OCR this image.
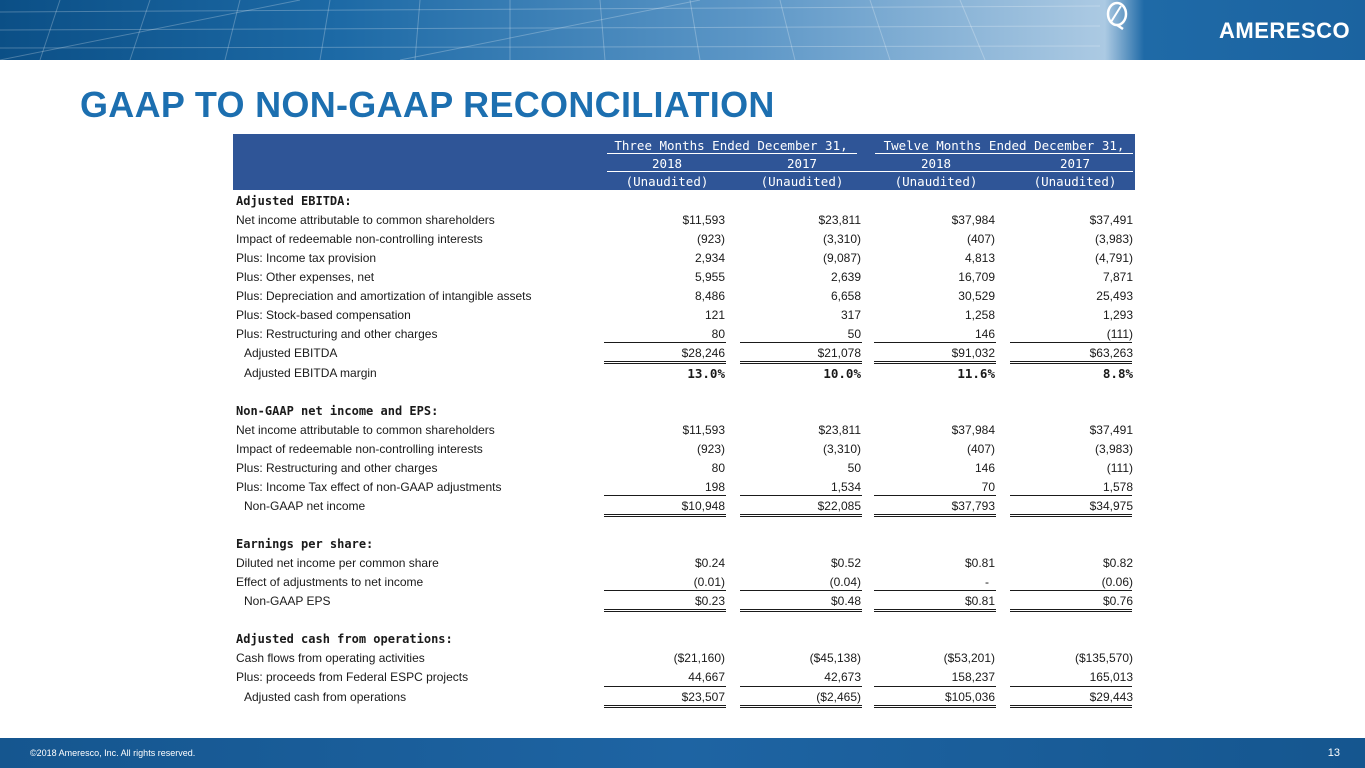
AMERESCO
GAAP TO NON-GAAP RECONCILIATION
Three Months Ended December 31,	Twelve Months Ended December 31,
2018	2017	2018	2017
(Unaudited)	(Unaudited)	(Unaudited)	(Unaudited)
Adjusted EBITDA:
Net income attributable to common shareholders	$11,593	$23,811	$37,984	$37,491
Impact of redeemable non-controlling interests	(923)	(3,310)	(407)	(3,983)
Plus: Income tax provision	2,934	(9,087)	4,813	(4,791)
Plus: Other expenses, net	5,955	2,639	16,709	7,871
Plus: Depreciation and amortization of intangible assets	8,486	6,658	30,529	25,493
Plus: Stock-based compensation	121	317	1,258	1,293
Plus: Restructuring and other charges	80	50	146	(111)
Adjusted EBITDA	$28,246	$21,078	$91,032	$63,263
Adjusted EBITDA margin	13.0%	10.0%	11.6%	8.8%
Non-GAAP net income and EPS:
Net income attributable to common shareholders	$11,593	$23,811	$37,984	$37,491
Impact of redeemable non-controlling interests	(923)	(3,310)	(407)	(3,983)
Plus: Restructuring and other charges	80	50	146	(111)
Plus: Income Tax effect of non-GAAP adjustments	198	1,534	70	1,578
Non-GAAP net income	$10,948	$22,085	$37,793	$34,975
Earnings per share:
Diluted net income per common share	$0.24	$0.52	$0.81	$0.82
Effect of adjustments to net income	(0.01)	(0.04)	-	(0.06)
Non-GAAP EPS	$0.23	$0.48	$0.81	$0.76
Adjusted cash from operations:
Cash flows from operating activities	($21,160)	($45,138)	($53,201)	($135,570)
Plus: proceeds from Federal ESPC projects	44,667	42,673	158,237	165,013
Adjusted cash from operations	$23,507	($2,465)	$105,036	$29,443
©2018 Ameresco, Inc. All rights reserved.	13
